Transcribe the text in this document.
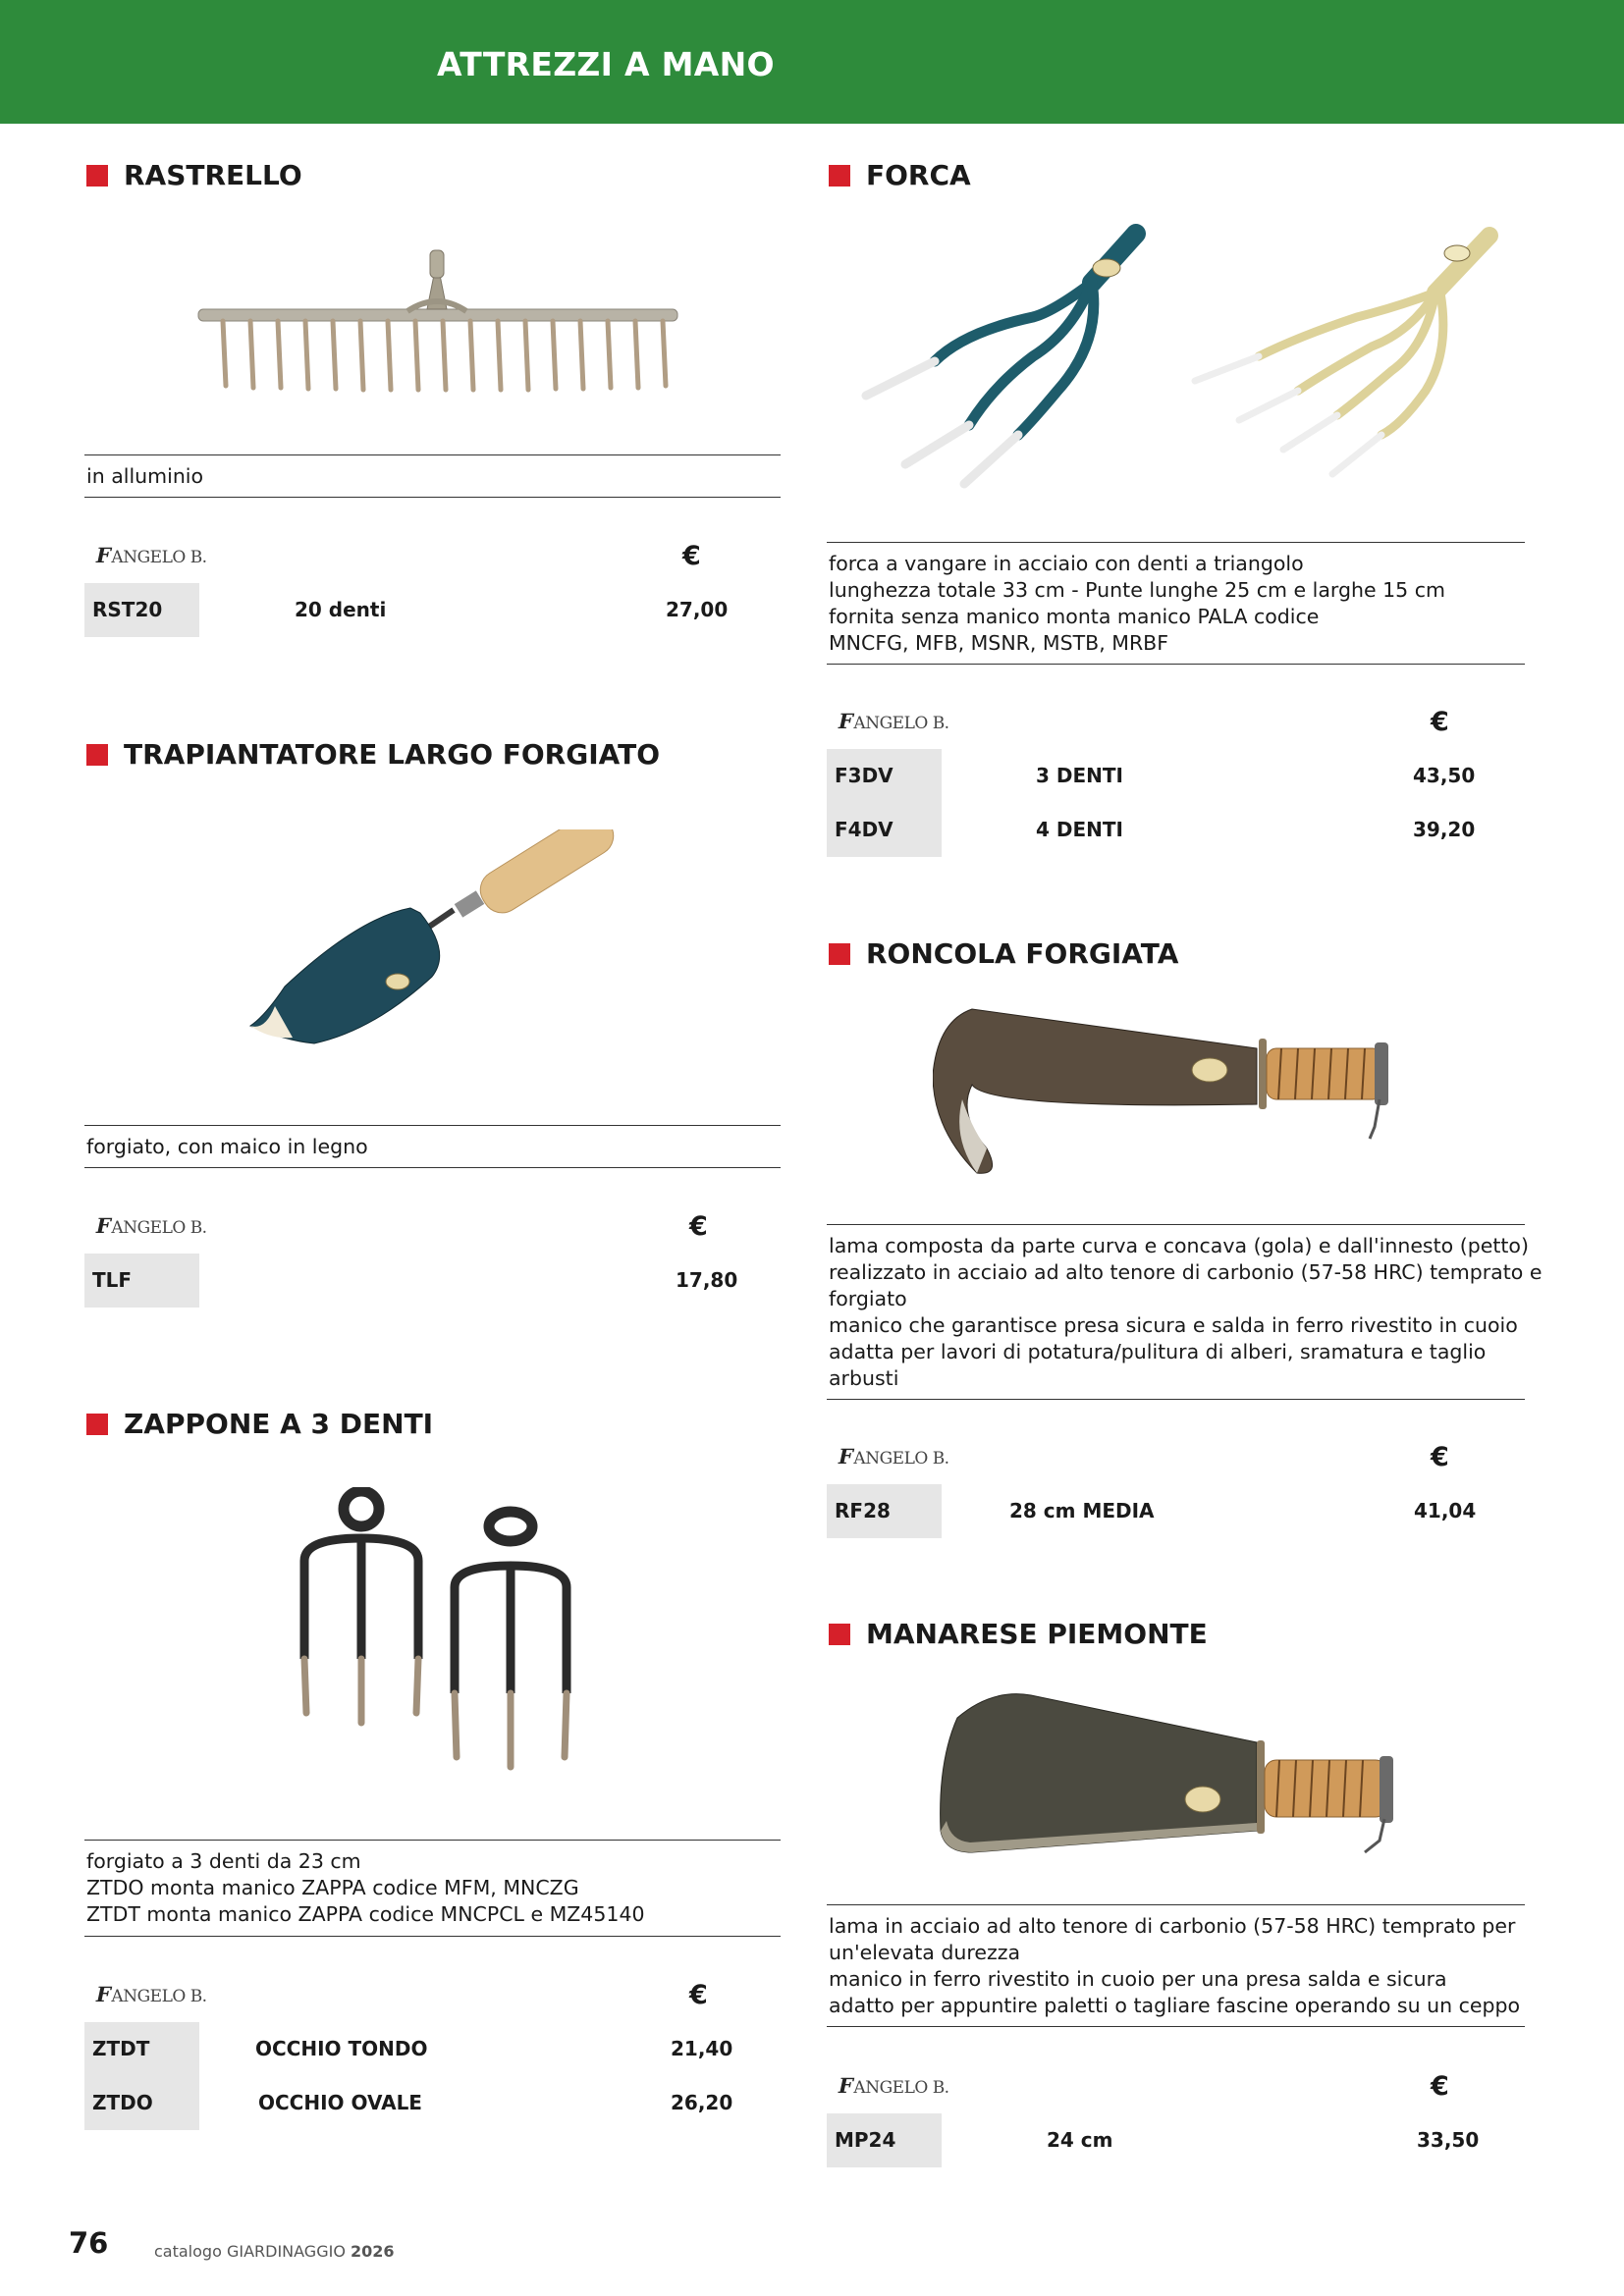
ATTREZZI A MANO
RASTRELLO

in alluminio

F
ANGELO B.	€
RST20	20 denti	27,00
TRAPIANTATORE LARGO FORGIATO

forgiato, con maico in legno

F
ANGELO B.	€
TLF	17,80
ZAPPONE A 3 DENTI

forgiato a 3 denti da 23 cm

ZTDO monta manico ZAPPA codice MFM, MNCZG

ZTDT monta manico ZAPPA codice MNCPCL e MZ45140

F
ANGELO B.	€
ZTDT	OCCHIO TONDO	21,40
ZTDO	OCCHIO OVALE	26,20
FORCA

forca a vangare in acciaio con denti a triangolo

lunghezza totale 33 cm - Punte lunghe 25 cm e larghe 15 cm

fornita senza manico monta manico PALA codice

MNCFG, MFB, MSNR, MSTB, MRBF

F
ANGELO B.	€
F3DV	3 DENTI	43,50
F4DV	4 DENTI	39,20
RONCOLA FORGIATA

lama composta da parte curva e concava (gola) e dall'innesto (petto)

realizzato in acciaio ad alto tenore di carbonio (57-58 HRC) temprato e

forgiato

manico che garantisce presa sicura e salda in ferro rivestito in cuoio

adatta per lavori di potatura/pulitura di alberi, sramatura e taglio

arbusti

F
ANGELO B.	€
RF28	28 cm MEDIA	41,04
MANARESE PIEMONTE

lama in acciaio ad alto tenore di carbonio (57-58 HRC) temprato per

un'elevata durezza

manico in ferro rivestito in cuoio per una presa salda e sicura

adatto per appuntire paletti o tagliare fascine operando su un ceppo

F
ANGELO B.	€
MP24	24 cm	33,50
76	catalogo GIARDINAGGIO 2026
